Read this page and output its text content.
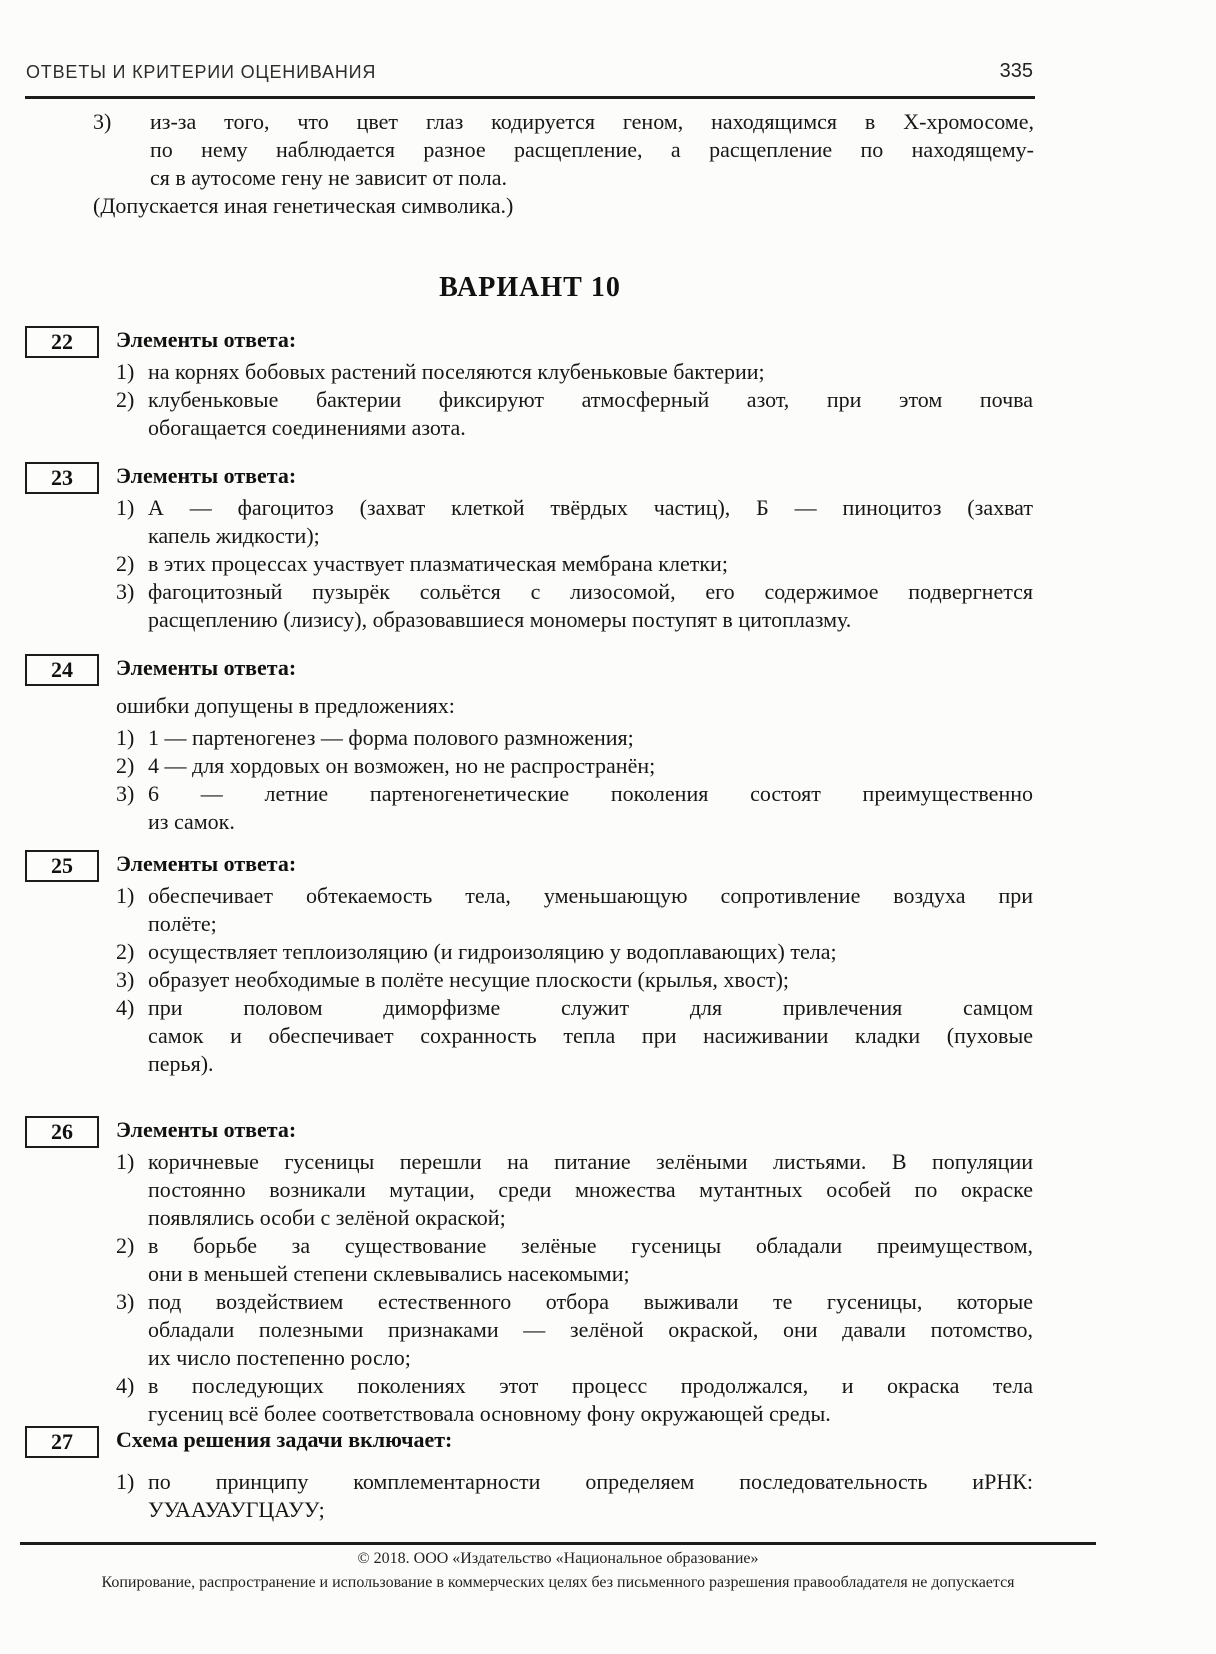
ОТВЕТЫ И КРИТЕРИИ ОЦЕНИВАНИЯ	335
3) из-за того, что цвет глаз кодируется геном, находящимся в Х-хромосоме,
по нему наблюдается разное расщепление, а расщепление по находящему-
ся в аутосоме гену не зависит от пола.
(Допускается иная генетическая символика.)
ВАРИАНТ 10
22 Элементы ответа:
1) на корнях бобовых растений поселяются клубеньковые бактерии;
2) клубеньковые бактерии фиксируют атмосферный азот, при этом почва
обогащается соединениями азота.
23 Элементы ответа:
1) А — фагоцитоз (захват клеткой твёрдых частиц), Б — пиноцитоз (захват
капель жидкости);
2) в этих процессах участвует плазматическая мембрана клетки;
3) фагоцитозный пузырёк сольётся с лизосомой, его содержимое подвергнется
расщеплению (лизису), образовавшиеся мономеры поступят в цитоплазму.
24 Элементы ответа:
ошибки допущены в предложениях:
1) 1 — партеногенез — форма полового размножения;
2) 4 — для хордовых он возможен, но не распространён;
3) 6 — летние партеногенетические поколения состоят преимущественно
из самок.
25 Элементы ответа:
1) обеспечивает обтекаемость тела, уменьшающую сопротивление воздуха при
полёте;
2) осуществляет теплоизоляцию (и гидроизоляцию у водоплавающих) тела;
3) образует необходимые в полёте несущие плоскости (крылья, хвост);
4) при половом диморфизме служит для привлечения самцом
самок и обеспечивает сохранность тепла при насиживании кладки (пуховые
перья).
26 Элементы ответа:
1) коричневые гусеницы перешли на питание зелёными листьями. В популяции
постоянно возникали мутации, среди множества мутантных особей по окраске
появлялись особи с зелёной окраской;
2) в борьбе за существование зелёные гусеницы обладали преимуществом,
они в меньшей степени склевывались насекомыми;
3) под воздействием естественного отбора выживали те гусеницы, которые
обладали полезными признаками — зелёной окраской, они давали потомство,
их число постепенно росло;
4) в последующих поколениях этот процесс продолжался, и окраска тела
гусениц всё более соответствовала основному фону окружающей среды.
27 Схема решения задачи включает:
1) по принципу комплементарности определяем последовательность иРНК:
УУААУАУГЦАУУ;
© 2018. ООО «Издательство «Национальное образование»
Копирование, распространение и использование в коммерческих целях без письменного разрешения правообладателя не допускается
